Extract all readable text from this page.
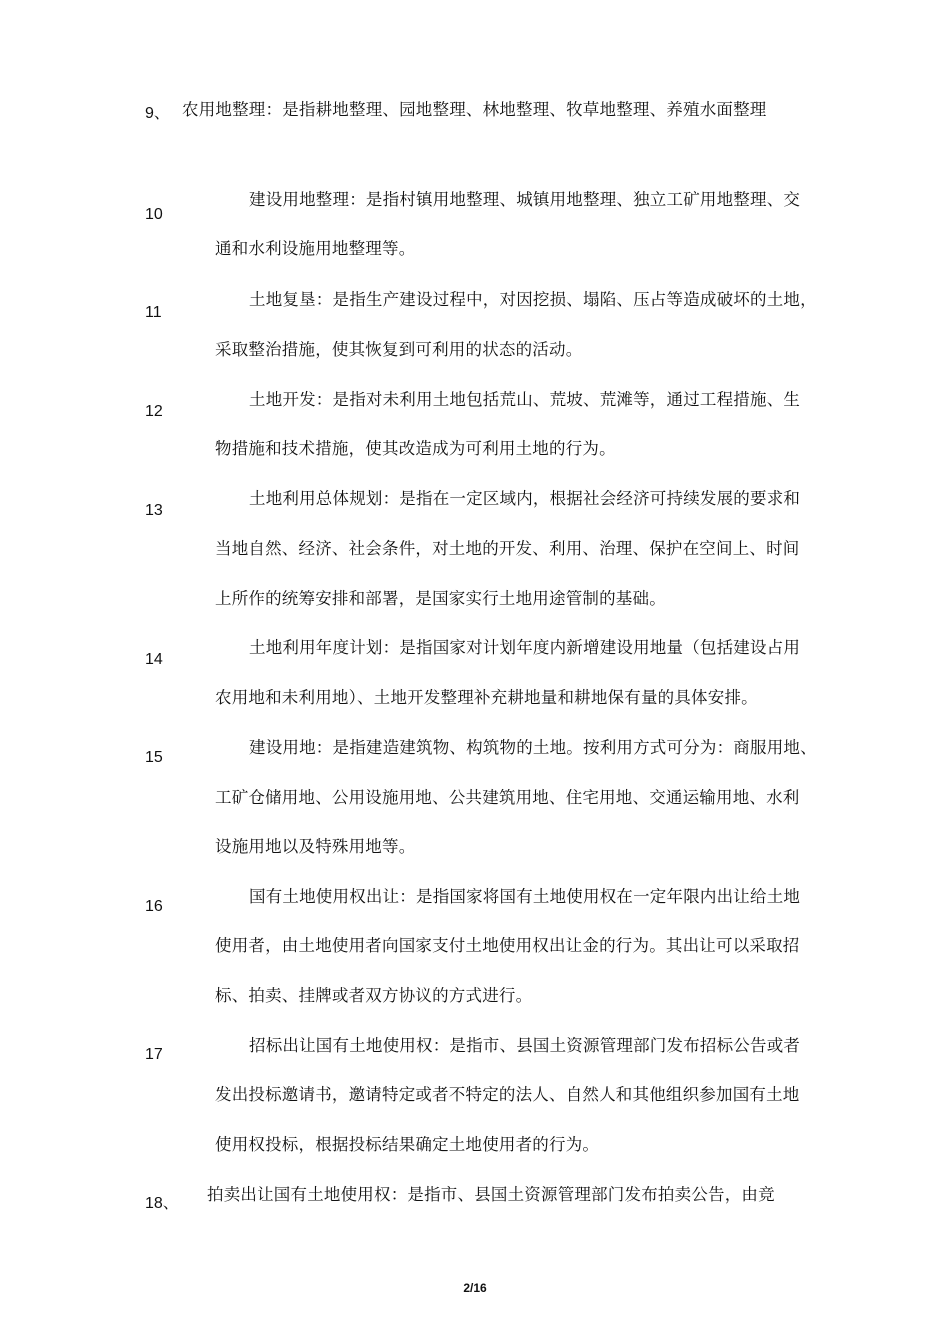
9、 农用地整理：是指耕地整理、园地整理、林地整理、牧草地整理、养殖水面整理
10
建设用地整理：是指村镇用地整理、城镇用地整理、独立工矿用地整理、交
通和水利设施用地整理等。
11
土地复垦：是指生产建设过程中，对因挖损、塌陷、压占等造成破坏的土地，
采取整治措施，使其恢复到可利用的状态的活动。
12
土地开发：是指对未利用土地包括荒山、荒坡、荒滩等，通过工程措施、生
物措施和技术措施，使其改造成为可利用土地的行为。
13
土地利用总体规划：是指在一定区域内，根据社会经济可持续发展的要求和
当地自然、经济、社会条件，对土地的开发、利用、治理、保护在空间上、时间
上所作的统筹安排和部署，是国家实行土地用途管制的基础。
14
土地利用年度计划：是指国家对计划年度内新增建设用地量（包括建设占用
农用地和未利用地）、土地开发整理补充耕地量和耕地保有量的具体安排。
15
建设用地：是指建造建筑物、构筑物的土地。按利用方式可分为：商服用地、
工矿仓储用地、公用设施用地、公共建筑用地、住宅用地、交通运输用地、水利
设施用地以及特殊用地等。
16
国有土地使用权出让：是指国家将国有土地使用权在一定年限内出让给土地
使用者，由土地使用者向国家支付土地使用权出让金的行为。其出让可以采取招
标、拍卖、挂牌或者双方协议的方式进行。
17	招标出让国有土地使用权：是指市、县国土资源管理部门发布招标公告或者
发出投标邀请书，邀请特定或者不特定的法人、自然人和其他组织参加国有土地
使用权投标，根据投标结果确定土地使用者的行为。
18、 拍卖出让国有土地使用权：是指市、县国土资源管理部门发布拍卖公告，由竞
2/16
